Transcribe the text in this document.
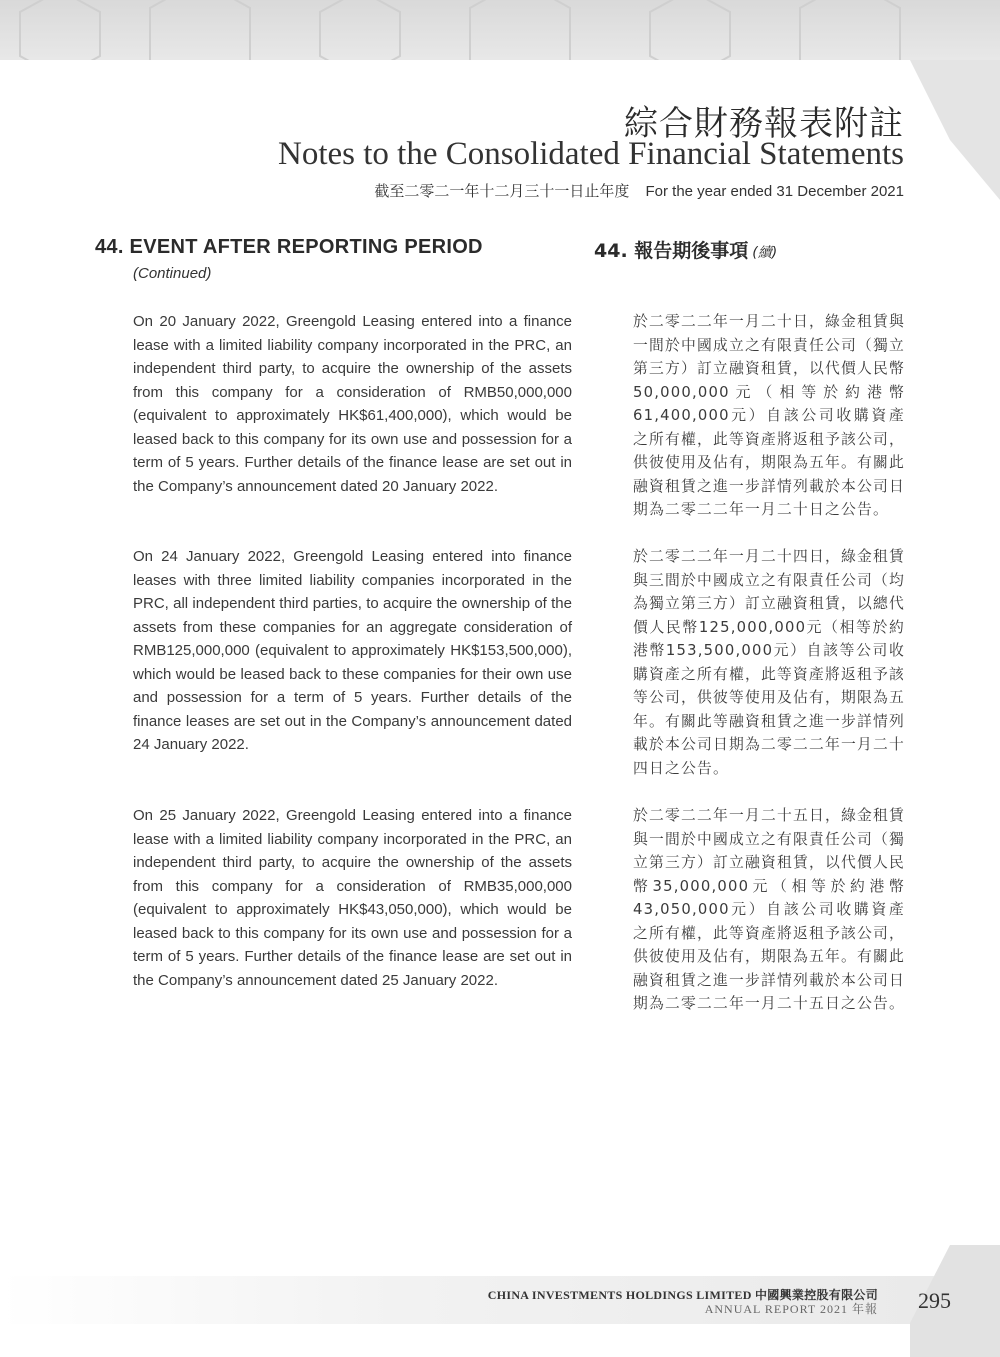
綜合財務報表附註
Notes to the Consolidated Financial Statements
截至二零二一年十二月三十一日止年度 For the year ended 31 December 2021
44. EVENT AFTER REPORTING PERIOD
(Continued)
44. 報告期後事項 (續)

On 20 January 2022, Greengold Leasing entered into a finance lease with a limited liability company incorporated in the PRC, an independent third party, to acquire the ownership of the assets from this company for a consideration of RMB50,000,000 (equivalent to approximately HK$61,400,000), which would be leased back to this company for its own use and possession for a term of 5 years. Further details of the finance lease are set out in the Company’s announcement dated 20 January 2022.

On 24 January 2022, Greengold Leasing entered into finance leases with three limited liability companies incorporated in the PRC, all independent third parties, to acquire the ownership of the assets from these companies for an aggregate consideration of RMB125,000,000 (equivalent to approximately HK$153,500,000), which would be leased back to these companies for their own use and possession for a term of 5 years. Further details of the finance leases are set out in the Company’s announcement dated 24 January 2022.

On 25 January 2022, Greengold Leasing entered into a finance lease with a limited liability company incorporated in the PRC, an independent third party, to acquire the ownership of the assets from this company for a consideration of RMB35,000,000 (equivalent to approximately HK$43,050,000), which would be leased back to this company for its own use and possession for a term of 5 years. Further details of the finance lease are set out in the Company’s announcement dated 25 January 2022.

於二零二二年一月二十日，綠金租賃與一間於中國成立之有限責任公司（獨立第三方）訂立融資租賃，以代價人民幣50,000,000元（相等於約港幣61,400,000元）自該公司收購資產之所有權，此等資產將返租予該公司，供彼使用及佔有，期限為五年。有關此融資租賃之進一步詳情列載於本公司日期為二零二二年一月二十日之公告。

於二零二二年一月二十四日，綠金租賃與三間於中國成立之有限責任公司（均為獨立第三方）訂立融資租賃，以總代價人民幣125,000,000元（相等於約港幣153,500,000元）自該等公司收購資產之所有權，此等資產將返租予該等公司，供彼等使用及佔有，期限為五年。有關此等融資租賃之進一步詳情列載於本公司日期為二零二二年一月二十四日之公告。

於二零二二年一月二十五日，綠金租賃與一間於中國成立之有限責任公司（獨立第三方）訂立融資租賃，以代價人民幣35,000,000元（相等於約港幣43,050,000元）自該公司收購資產之所有權，此等資產將返租予該公司，供彼使用及佔有，期限為五年。有關此融資租賃之進一步詳情列載於本公司日期為二零二二年一月二十五日之公告。

CHINA INVESTMENTS HOLDINGS LIMITED 中國興業控股有限公司
ANNUAL REPORT 2021 年報 295
